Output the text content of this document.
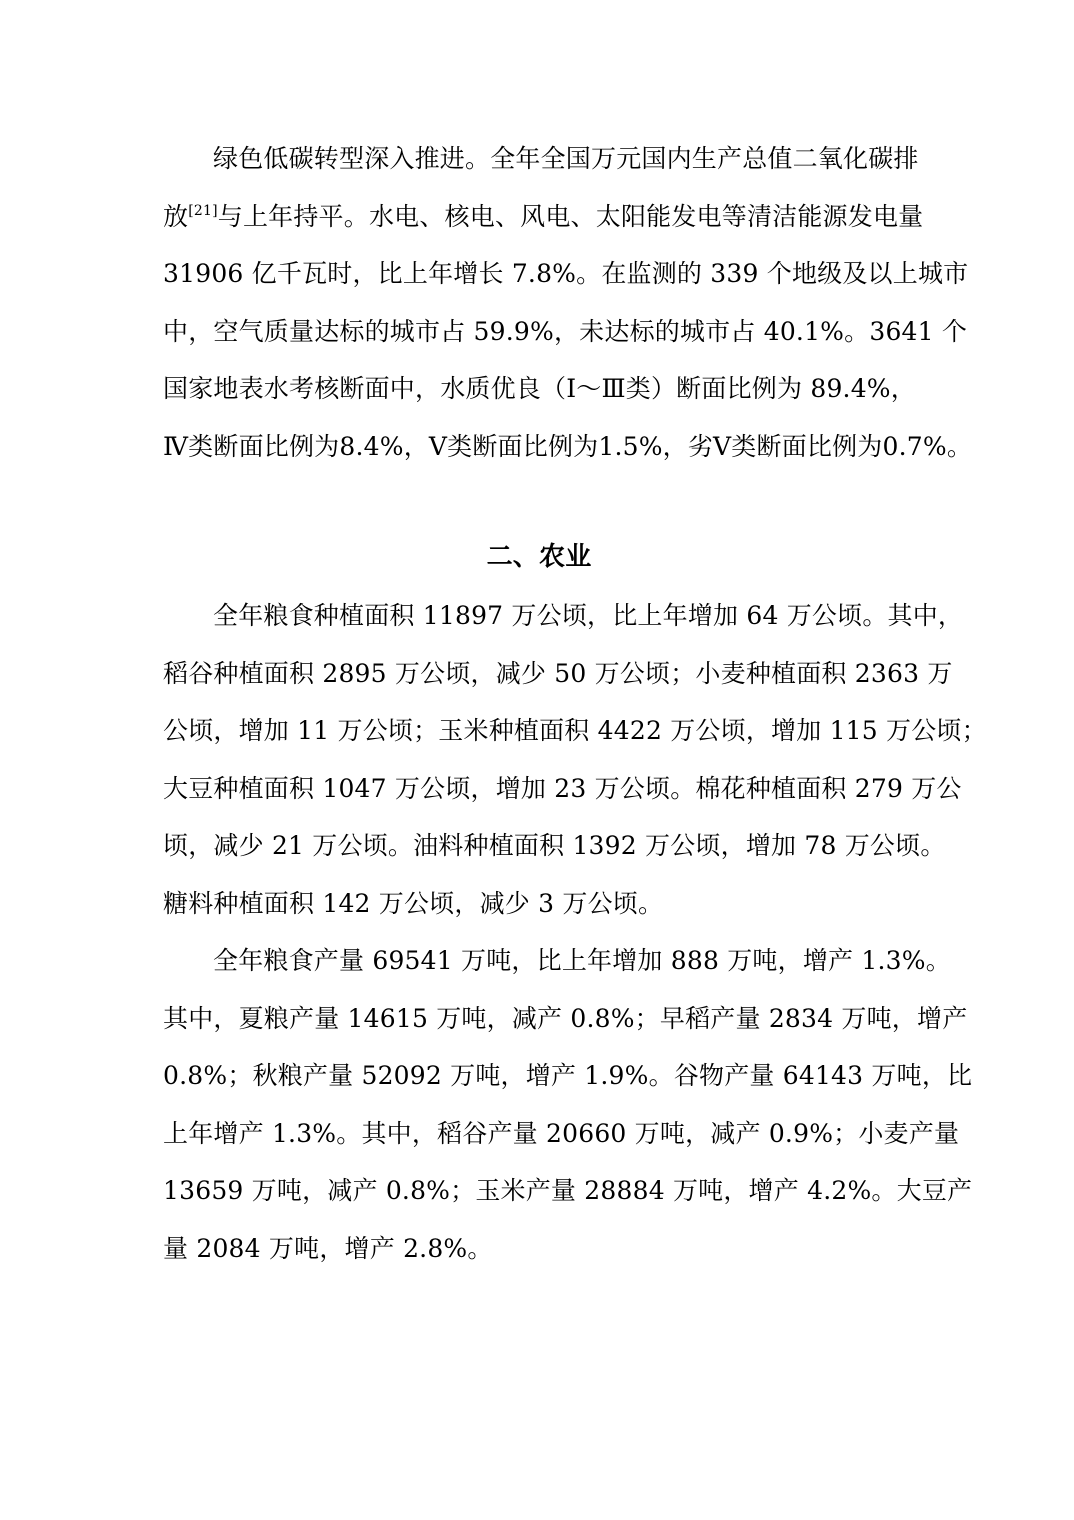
绿色低碳转型深入推进。全年全国万元国内生产总值二氧化碳排
放[21]与上年持平。水电、核电、风电、太阳能发电等清洁能源发电量
31906 亿千瓦时，比上年增长 7.8%。在监测的 339 个地级及以上城市
中，空气质量达标的城市占 59.9%，未达标的城市占 40.1%。3641 个
国家地表水考核断面中，水质优良（Ⅰ～Ⅲ类）断面比例为 89.4%，
Ⅳ类断面比例为8.4%，Ⅴ类断面比例为1.5%，劣Ⅴ类断面比例为0.7%。
二、农业
全年粮食种植面积 11897 万公顷，比上年增加 64 万公顷。其中，
稻谷种植面积 2895 万公顷，减少 50 万公顷；小麦种植面积 2363 万
公顷，增加 11 万公顷；玉米种植面积 4422 万公顷，增加 115 万公顷；
大豆种植面积 1047 万公顷，增加 23 万公顷。棉花种植面积 279 万公
顷，减少 21 万公顷。油料种植面积 1392 万公顷，增加 78 万公顷。
糖料种植面积 142 万公顷，减少 3 万公顷。
全年粮食产量 69541 万吨，比上年增加 888 万吨，增产 1.3%。
其中，夏粮产量 14615 万吨，减产 0.8%；早稻产量 2834 万吨，增产
0.8%；秋粮产量 52092 万吨，增产 1.9%。谷物产量 64143 万吨，比
上年增产 1.3%。其中，稻谷产量 20660 万吨，减产 0.9%；小麦产量
13659 万吨，减产 0.8%；玉米产量 28884 万吨，增产 4.2%。大豆产
量 2084 万吨，增产 2.8%。
